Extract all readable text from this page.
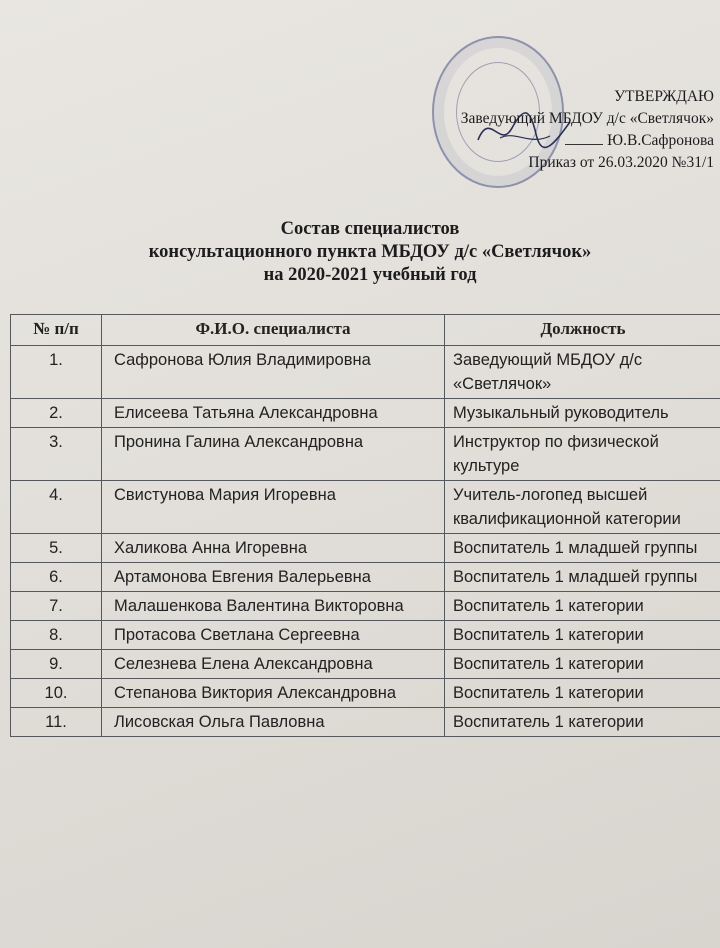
УТВЕРЖДАЮ
Заведующий МБДОУ д/с «Светлячок»
Ю.В.Сафронова
Приказ от 26.03.2020 №31/1
Состав специалистов
консультационного пункта МБДОУ д/с «Светлячок»
на 2020-2021 учебный год
№ п/п	Ф.И.О. специалиста	Должность
1.	Сафронова Юлия Владимировна	Заведующий МБДОУ д/с «Светлячок»
2.	Елисеева Татьяна Александровна	Музыкальный руководитель
3.	Пронина Галина Александровна	Инструктор по физической культуре
4.	Свистунова Мария Игоревна	Учитель-логопед высшей квалификационной категории
5.	Халикова Анна Игоревна	Воспитатель 1 младшей группы
6.	Артамонова Евгения Валерьевна	Воспитатель 1 младшей группы
7.	Малашенкова Валентина Викторовна	Воспитатель 1 категории
8.	Протасова Светлана Сергеевна	Воспитатель 1 категории
9.	Селезнева Елена Александровна	Воспитатель 1 категории
10.	Степанова Виктория Александровна	Воспитатель 1 категории
11.	Лисовская Ольга Павловна	Воспитатель 1 категории
